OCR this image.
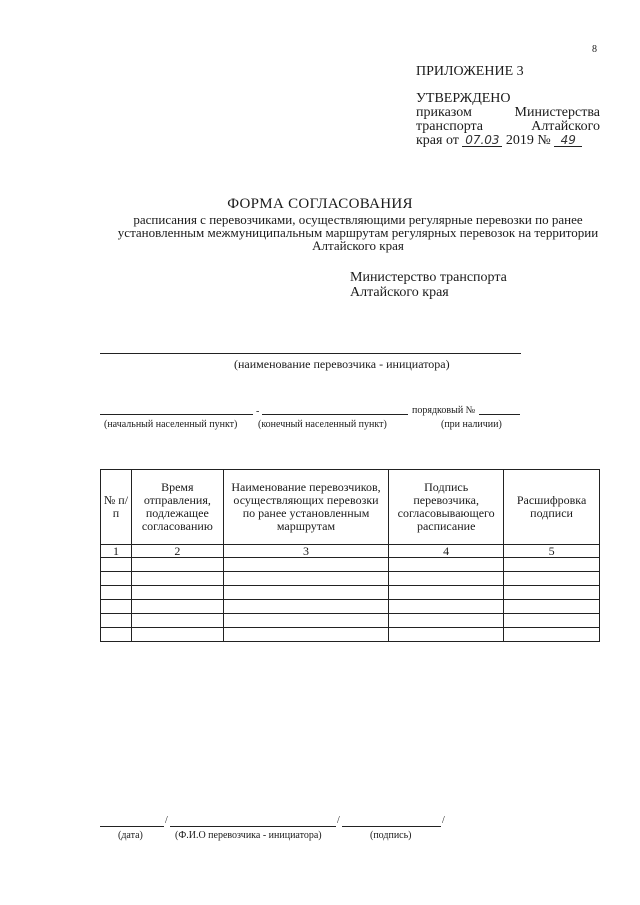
8
ПРИЛОЖЕНИЕ 3
УТВЕРЖДЕНО
приказом	Министерства
транспорта	Алтайского
края от 07.03 2019 № 49
ФОРМА СОГЛАСОВАНИЯ
расписания с перевозчиками, осуществляющими регулярные перевозки по ранее установленным межмуниципальным маршрутам регулярных перевозок на территории Алтайского края
Министерство транспорта
Алтайского края
(наименование перевозчика - инициатора)
-	порядковый №
(начальный населенный пункт) (конечный населенный пункт)	(при наличии)
№ п/п	Время отправления, подлежащее согласованию	Наименование перевозчиков, осуществляющих перевозки по ранее установленным маршрутам	Подпись перевозчика, согласовывающего расписание	Расшифровка подписи
1	2	3	4	5

/	/	/
(дата)	(Ф.И.О перевозчика - инициатора)	(подпись)
